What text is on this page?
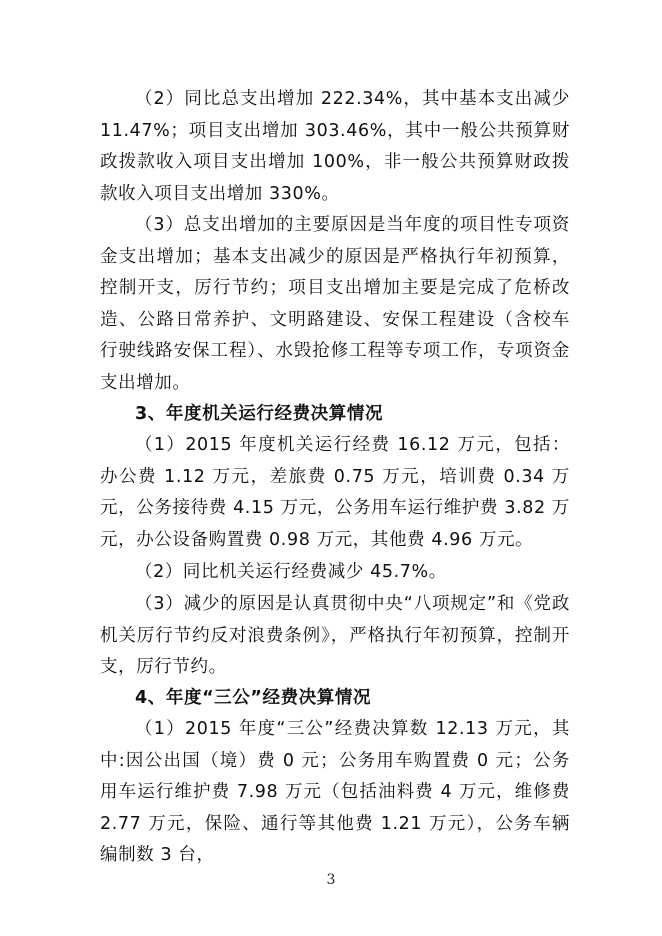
（2）同比总支出增加 222.34%，其中基本支出减少 11.47%；项目支出增加 303.46%，其中一般公共预算财政拨款收入项目支出增加 100%，非一般公共预算财政拨款收入项目支出增加 330%。

（3）总支出增加的主要原因是当年度的项目性专项资金支出增加；基本支出减少的原因是严格执行年初预算，控制开支，厉行节约；项目支出增加主要是完成了危桥改造、公路日常养护、文明路建设、安保工程建设（含校车行驶线路安保工程）、水毁抢修工程等专项工作，专项资金支出增加。

3、年度机关运行经费决算情况

（1）2015 年度机关运行经费 16.12 万元，包括：办公费 1.12 万元，差旅费 0.75 万元，培训费 0.34 万元，公务接待费 4.15 万元，公务用车运行维护费 3.82 万元，办公设备购置费 0.98 万元，其他费 4.96 万元。

（2）同比机关运行经费减少 45.7%。

（3）减少的原因是认真贯彻中央“八项规定”和《党政机关厉行节约反对浪费条例》，严格执行年初预算，控制开支，厉行节约。

4、年度“三公”经费决算情况

（1）2015 年度“三公”经费决算数 12.13 万元，其中:因公出国（境）费 0 元；公务用车购置费 0 元；公务用车运行维护费 7.98 万元（包括油料费 4 万元，维修费 2.77 万元，保险、通行等其他费 1.21 万元），公务车辆编制数 3 台，

3
